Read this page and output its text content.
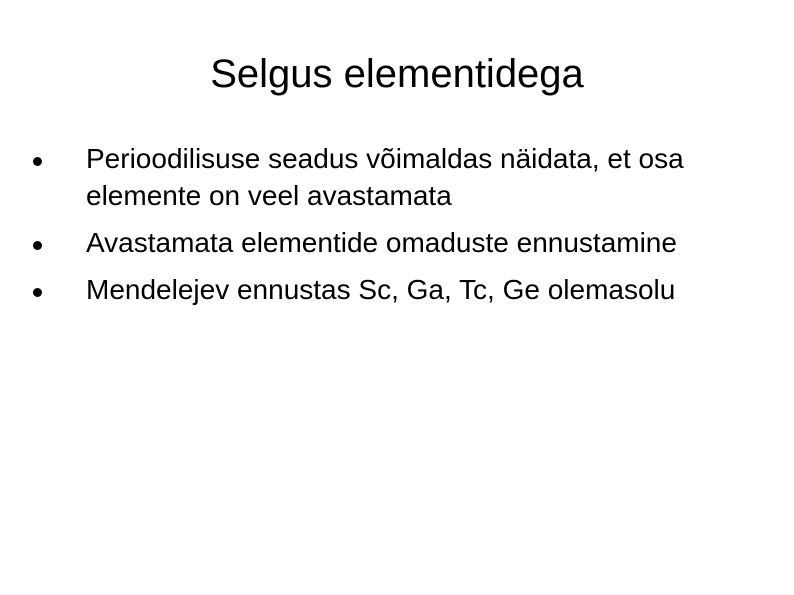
Selgus elementidega
Perioodilisuse seadus võimaldas näidata, et osa elemente on veel avastamata
Avastamata elementide omaduste ennustamine
Mendelejev ennustas Sc, Ga, Tc, Ge olemasolu
